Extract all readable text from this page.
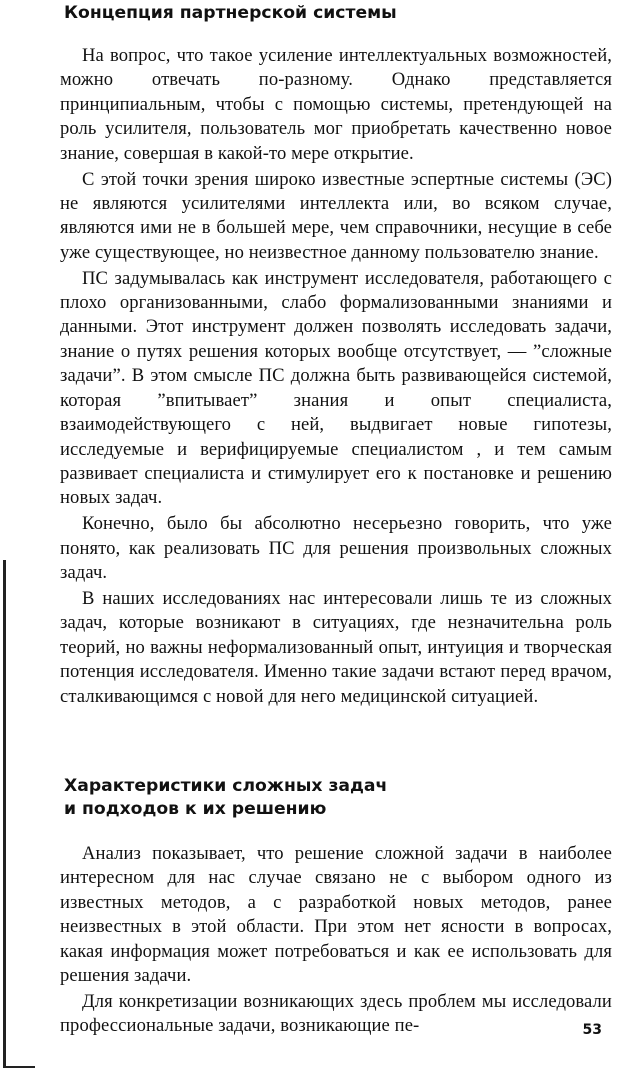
Концепция партнерской системы

На вопрос, что такое усиление интеллектуальных возможностей, можно отвечать по-разному. Однако представляется принципиальным, чтобы с помощью системы, претендующей на роль усилителя, пользователь мог приобретать качественно новое знание, совершая в какой-то мере открытие.

С этой точки зрения широко известные эспертные системы (ЭС) не являются усилителями интеллекта или, во всяком случае, являются ими не в большей мере, чем справочники, несущие в себе уже существующее, но неизвестное данному пользователю знание.

ПС задумывалась как инструмент исследователя, работающего с плохо организованными, слабо формализованными знаниями и данными. Этот инструмент должен позволять исследовать задачи, знание о путях решения которых вообще отсутствует, — ”сложные задачи”. В этом смысле ПС должна быть развивающейся системой, которая ”впитывает” знания и опыт специалиста, взаимодействующего с ней, выдвигает новые гипотезы, исследуемые и верифицируемые специалистом , и тем самым развивает специалиста и стимулирует его к постановке и решению новых задач.

Конечно, было бы абсолютно несерьезно говорить, что уже понято, как реализовать ПС для решения произвольных сложных задач.

В наших исследованиях нас интересовали лишь те из сложных задач, которые возникают в ситуациях, где незначительна роль теорий, но важны неформализованный опыт, интуиция и творческая потенция исследователя. Именно такие задачи встают перед врачом, сталкивающимся с новой для него медицинской ситуацией.

Характеристики сложных задач
и подходов к их решению

Анализ показывает, что решение сложной задачи в наиболее интересном для нас случае связано не с выбором одного из известных методов, а с разработкой новых методов, ранее неизвестных в этой области. При этом нет ясности в вопросах, какая информация может потребоваться и как ее использовать для решения задачи.

Для конкретизации возникающих здесь проблем мы исследовали профессиональные задачи, возникающие пе-	53
